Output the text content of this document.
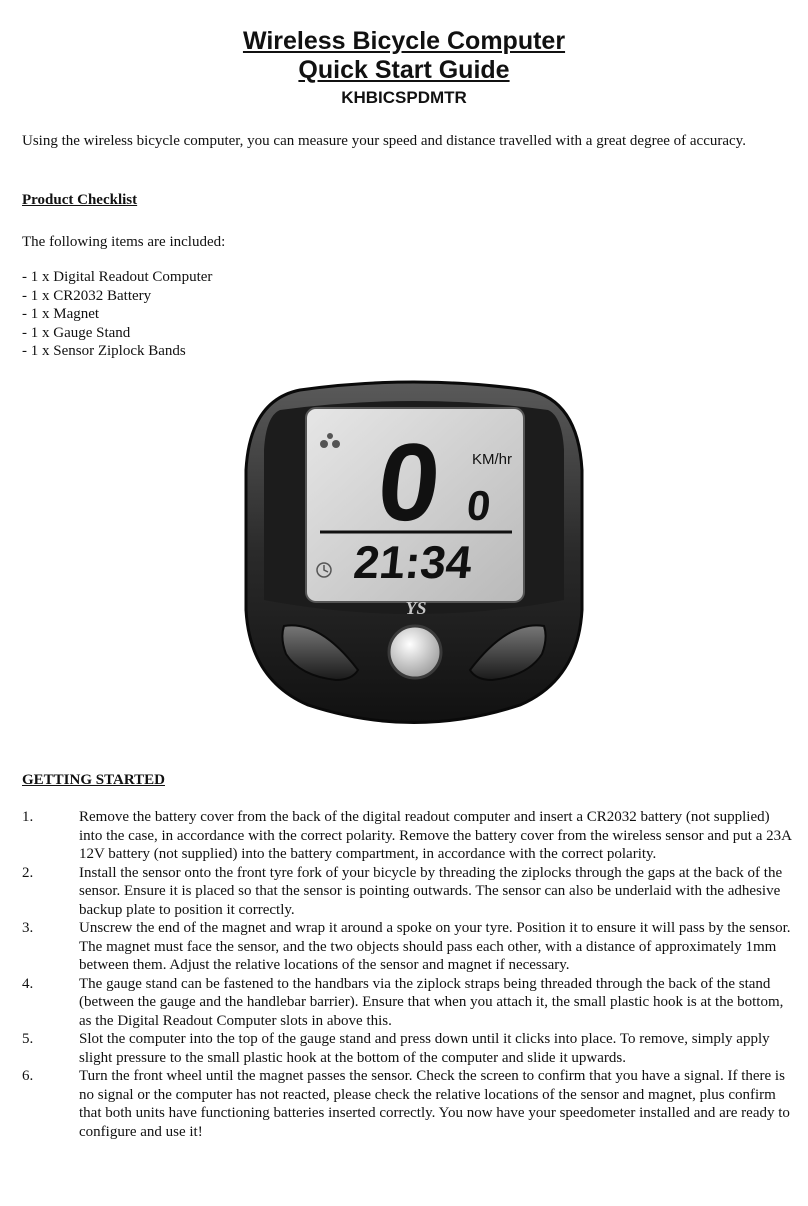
Wireless Bicycle Computer
Quick Start Guide
KHBICSPDMTR
Using the wireless bicycle computer, you can measure your speed and distance travelled with a great degree of accuracy.
Product Checklist
The following items are included:
- 1 x Digital Readout Computer
- 1 x CR2032 Battery
- 1 x Magnet
- 1 x Gauge Stand
- 1 x Sensor Ziplock Bands
0 KM/hr
0
21:34
YS
GETTING STARTED
1.	Remove the battery cover from the back of the digital readout computer and insert a CR2032 battery (not supplied) into the case, in accordance with the correct polarity. Remove the battery cover from the wireless sensor and put a 23A 12V battery (not supplied) into the battery compartment, in accordance with the correct polarity.
2.	Install the sensor onto the front tyre fork of your bicycle by threading the ziplocks through the gaps at the back of the sensor. Ensure it is placed so that the sensor is pointing outwards. The sensor can also be underlaid with the adhesive backup plate to position it correctly.
3.	Unscrew the end of the magnet and wrap it around a spoke on your tyre. Position it to ensure it will pass by the sensor. The magnet must face the sensor, and the two objects should pass each other, with a distance of approximately 1mm between them. Adjust the relative locations of the sensor and magnet if necessary.
4.	The gauge stand can be fastened to the handbars via the ziplock straps being threaded through the back of the stand (between the gauge and the handlebar barrier). Ensure that when you attach it, the small plastic hook is at the bottom, as the Digital Readout Computer slots in above this.
5.	Slot the computer into the top of the gauge stand and press down until it clicks into place. To remove, simply apply slight pressure to the small plastic hook at the bottom of the computer and slide it upwards.
6.	Turn the front wheel until the magnet passes the sensor. Check the screen to confirm that you have a signal. If there is no signal or the computer has not reacted, please check the relative locations of the sensor and magnet, plus confirm that both units have functioning batteries inserted correctly. You now have your speedometer installed and are ready to configure and use it!
